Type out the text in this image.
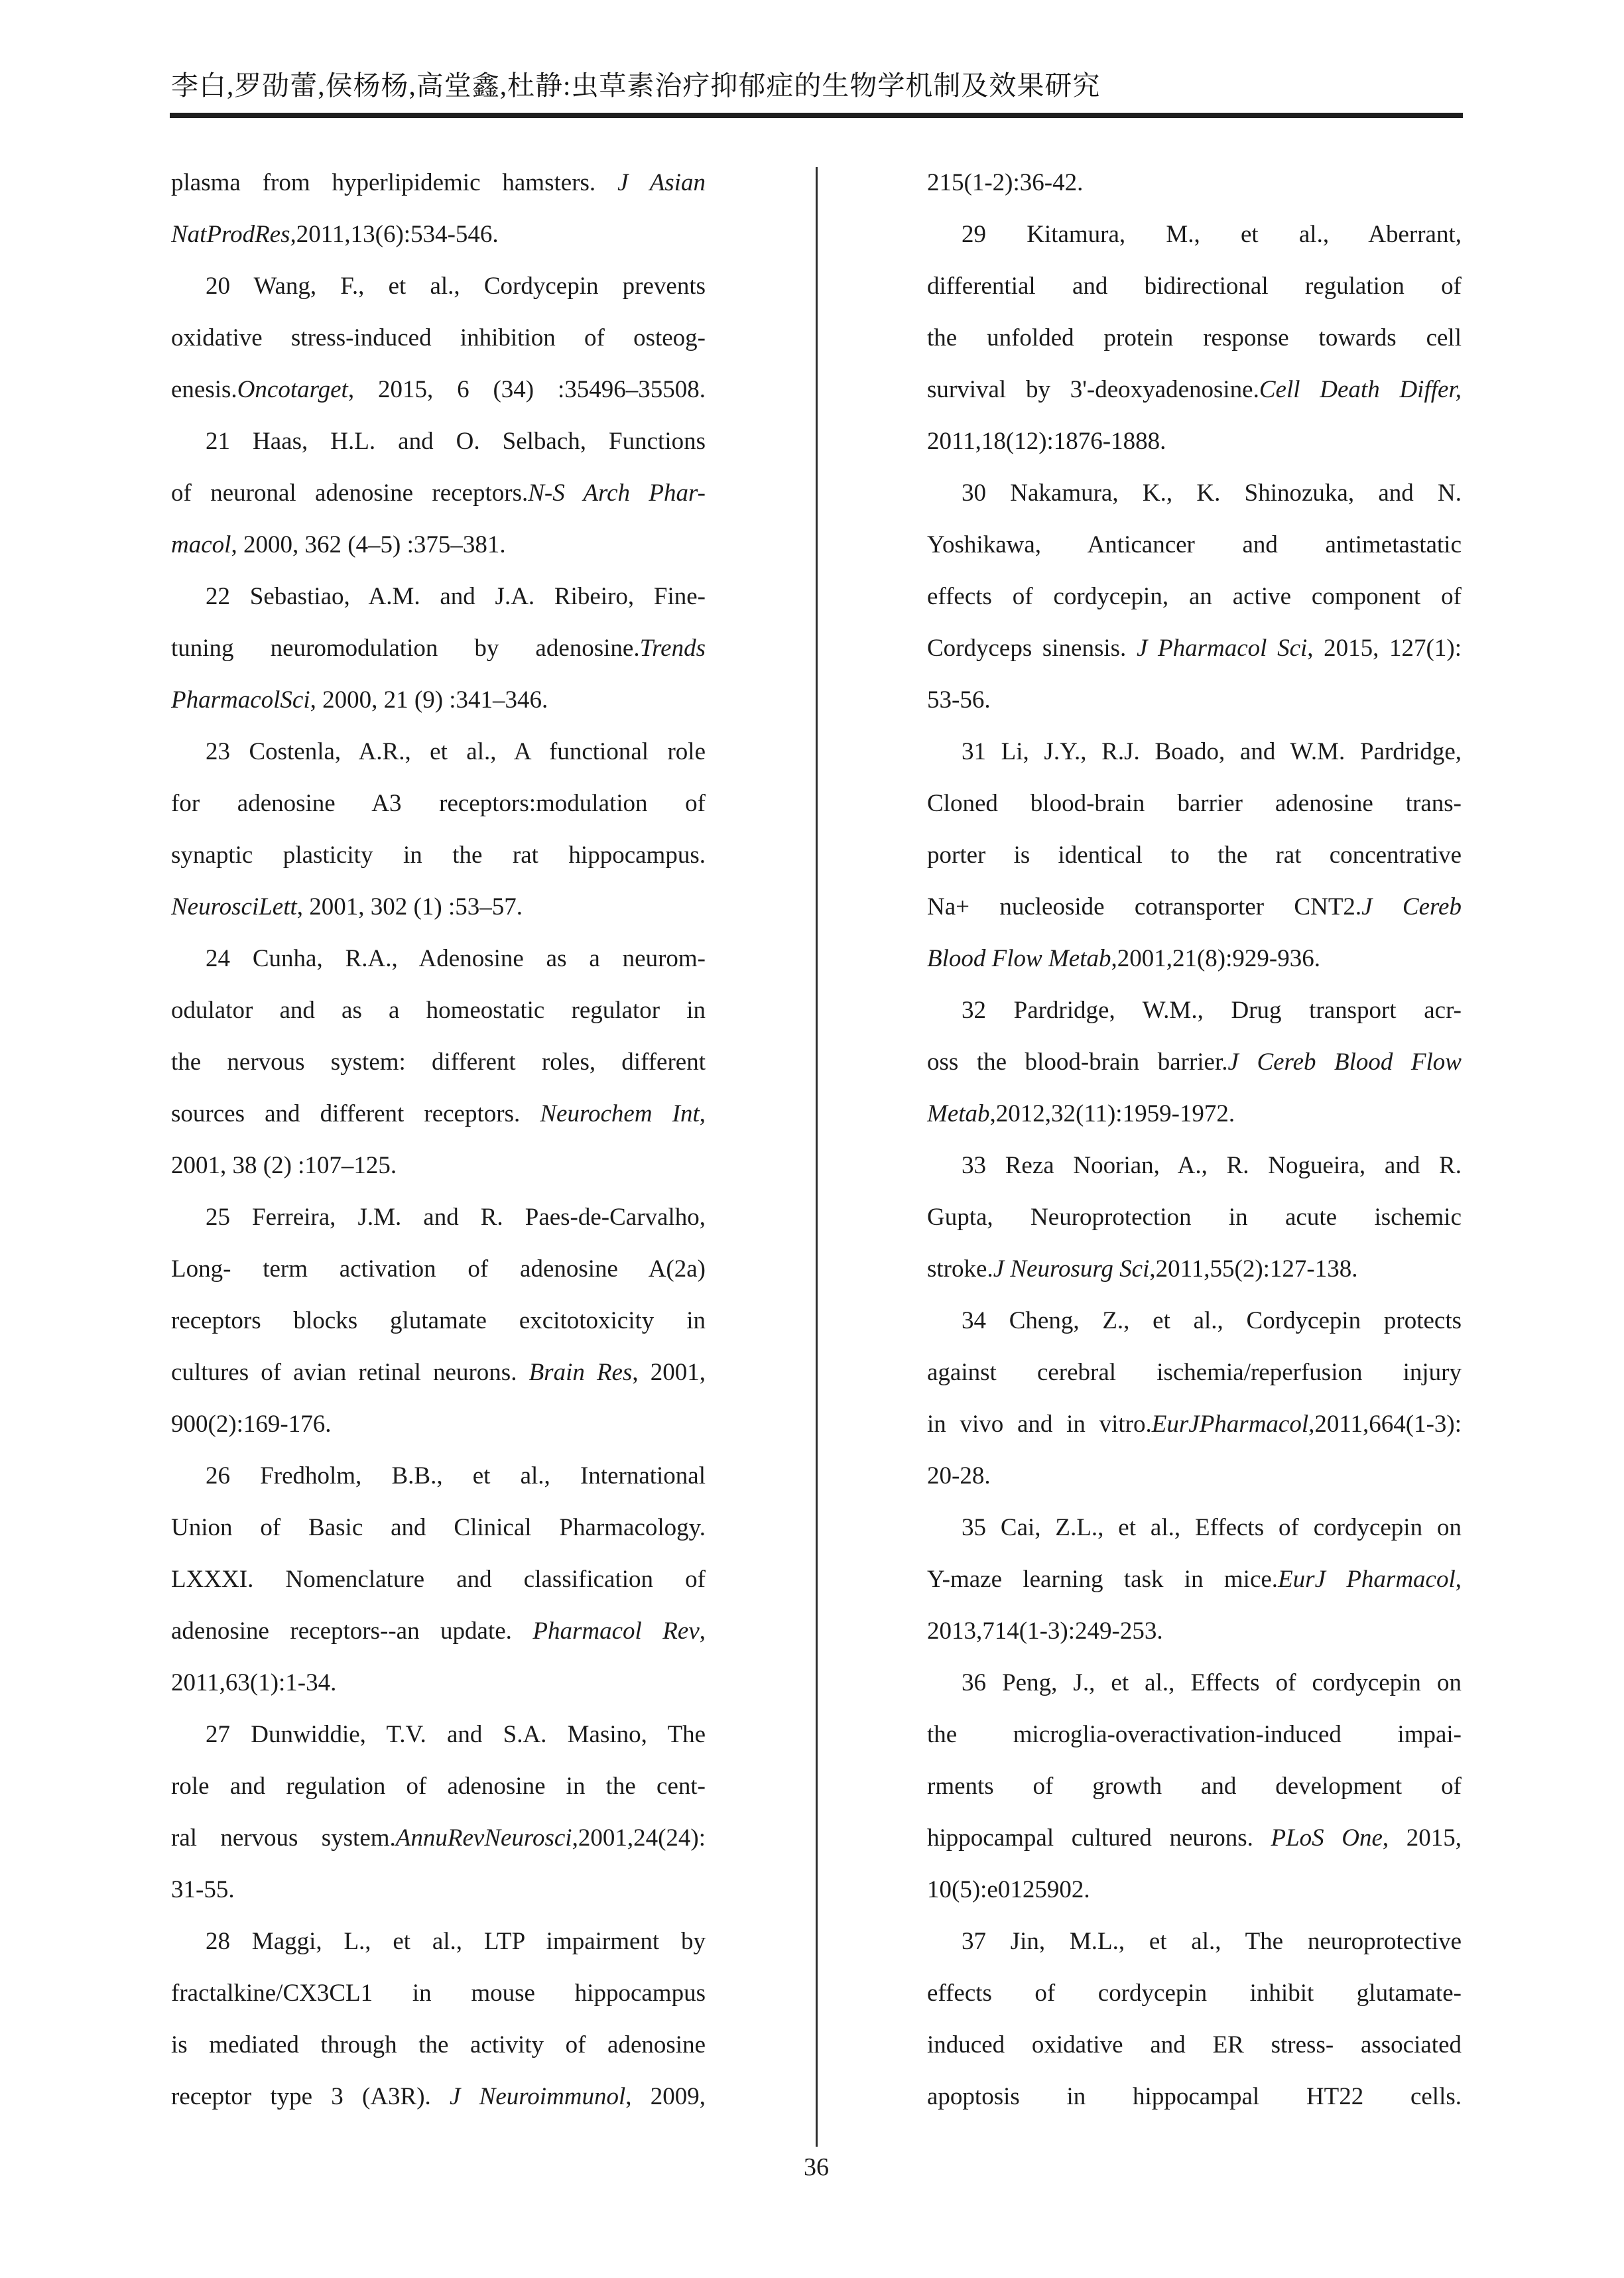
李白,罗劭蕾,侯杨杨,高堂鑫,杜静:虫草素治疗抑郁症的生物学机制及效果研究
plasma from hyperlipidemic hamsters. J Asian
NatProdRes,2011,13(6):534-546.
20 Wang, F., et al., Cordycepin prevents
oxidative stress-induced inhibition of osteog-
enesis.Oncotarget, 2015, 6 (34) :35496–35508.
21 Haas, H.L. and O. Selbach, Functions
of neuronal adenosine receptors.N-S Arch Phar-
macol, 2000, 362 (4–5) :375–381.
22 Sebastiao, A.M. and J.A. Ribeiro, Fine-
tuning neuromodulation by adenosine.Trends
PharmacolSci, 2000, 21 (9) :341–346.
23 Costenla, A.R., et al., A functional role
for adenosine A3 receptors:modulation of
synaptic plasticity in the rat hippocampus.
NeurosciLett, 2001, 302 (1) :53–57.
24 Cunha, R.A., Adenosine as a neurom-
odulator and as a homeostatic regulator in
the nervous system: different roles, different
sources and different receptors. Neurochem Int,
2001, 38 (2) :107–125.
25 Ferreira, J.M. and R. Paes-de-Carvalho,
Long- term activation of adenosine A(2a)
receptors blocks glutamate excitotoxicity in
cultures of avian retinal neurons. Brain Res, 2001,
900(2):169-176.
26 Fredholm, B.B., et al., International
Union of Basic and Clinical Pharmacology.
LXXXI. Nomenclature and classification of
adenosine receptors--an update. Pharmacol Rev,
2011,63(1):1-34.
27 Dunwiddie, T.V. and S.A. Masino, The
role and regulation of adenosine in the cent-
ral nervous system.AnnuRevNeurosci,2001,24(24):
31-55.
28 Maggi, L., et al., LTP impairment by
fractalkine/CX3CL1 in mouse hippocampus
is mediated through the activity of adenosine
receptor type 3 (A3R). J Neuroimmunol, 2009,
215(1-2):36-42.
29 Kitamura, M., et al., Aberrant,
differential and bidirectional regulation of
the unfolded protein response towards cell
survival by 3'-deoxyadenosine.Cell Death Differ,
2011,18(12):1876-1888.
30 Nakamura, K., K. Shinozuka, and N.
Yoshikawa, Anticancer and antimetastatic
effects of cordycepin, an active component of
Cordyceps sinensis. J Pharmacol Sci, 2015, 127(1):
53-56.
31 Li, J.Y., R.J. Boado, and W.M. Pardridge,
Cloned blood-brain barrier adenosine trans-
porter is identical to the rat concentrative
Na+ nucleoside cotransporter CNT2.J Cereb
Blood Flow Metab,2001,21(8):929-936.
32 Pardridge, W.M., Drug transport acr-
oss the blood-brain barrier.J Cereb Blood Flow
Metab,2012,32(11):1959-1972.
33 Reza Noorian, A., R. Nogueira, and R.
Gupta, Neuroprotection in acute ischemic
stroke.J Neurosurg Sci,2011,55(2):127-138.
34 Cheng, Z., et al., Cordycepin protects
against cerebral ischemia/reperfusion injury
in vivo and in vitro.EurJPharmacol,2011,664(1-3):
20-28.
35 Cai, Z.L., et al., Effects of cordycepin on
Y-maze learning task in mice.EurJ Pharmacol,
2013,714(1-3):249-253.
36 Peng, J., et al., Effects of cordycepin on
the microglia-overactivation-induced impai-
rments of growth and development of
hippocampal cultured neurons. PLoS One, 2015,
10(5):e0125902.
37 Jin, M.L., et al., The neuroprotective
effects of cordycepin inhibit glutamate-
induced oxidative and ER stress- associated
apoptosis in hippocampal HT22 cells.
36
